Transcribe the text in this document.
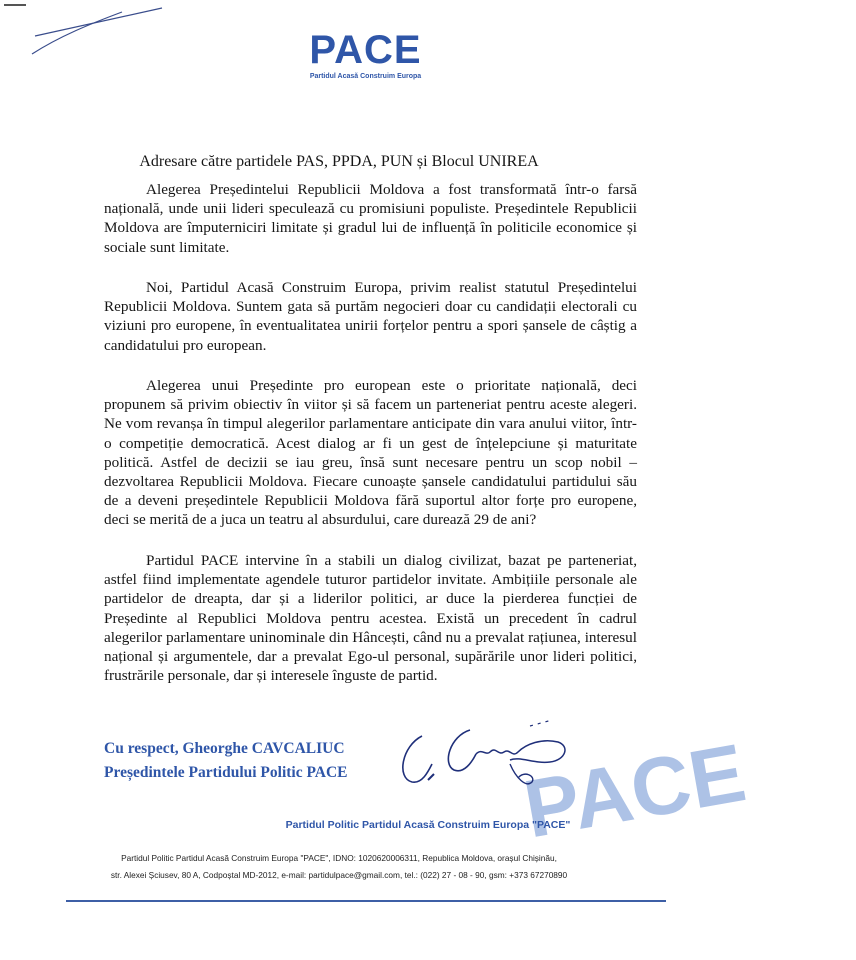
PACE
Partidul Acasă Construim Europa
Adresare către partidele PAS, PPDA, PUN și Blocul UNIREA

Alegerea Președintelui Republicii Moldova a fost transformată într-o farsă națională, unde unii lideri speculează cu promisiuni populiste. Președintele Republicii Moldova are împuterniciri limitate și gradul lui de influență în politicile economice și sociale sunt limitate.

Noi, Partidul Acasă Construim Europa, privim realist statutul Președintelui Republicii Moldova. Suntem gata să purtăm negocieri doar cu candidații electorali cu viziuni pro europene, în eventualitatea unirii forțelor pentru a spori șansele de câștig a candidatului pro european.

Alegerea unui Președinte pro european este o prioritate națională, deci propunem să privim obiectiv în viitor și să facem un parteneriat pentru aceste alegeri. Ne vom revanșa în timpul alegerilor parlamentare anticipate din vara anului viitor, într-o competiție democratică. Acest dialog ar fi un gest de înțelepciune și maturitate politică. Astfel de decizii se iau greu, însă sunt necesare pentru un scop nobil – dezvoltarea Republicii Moldova. Fiecare cunoaște șansele candidatului partidului său de a deveni președintele Republicii Moldova fără suportul altor forțe pro europene, deci se merită de a juca un teatru al absurdului, care durează 29 de ani?

Partidul PACE intervine în a stabili un dialog civilizat, bazat pe parteneriat, astfel fiind implementate agendele tuturor partidelor invitate. Ambițiile personale ale partidelor de dreapta, dar și a liderilor politici, ar duce la pierderea funcției de Președinte al Republici Moldova pentru acestea. Există un precedent în cadrul alegerilor parlamentare uninominale din Hâncești, când nu a prevalat rațiunea, interesul național și argumentele, dar a prevalat Ego-ul personal, supărările unor lideri politici, frustrările personale, dar și interesele înguste de partid.

Cu respect, Gheorghe CAVCALIUC
Președintele Partidului Politic PACE PACE
Partidul Politic Partidul Acasă Construim Europa "PACE"
Partidul Politic Partidul Acasă Construim Europa "PACE", IDNO: 1020620006311, Republica Moldova, orașul Chișinău,
str. Alexei Șciusev, 80 A, Codpoștal MD-2012, e-mail: partidulpace@gmail.com, tel.: (022) 27 - 08 - 90, gsm: +373 67270890
